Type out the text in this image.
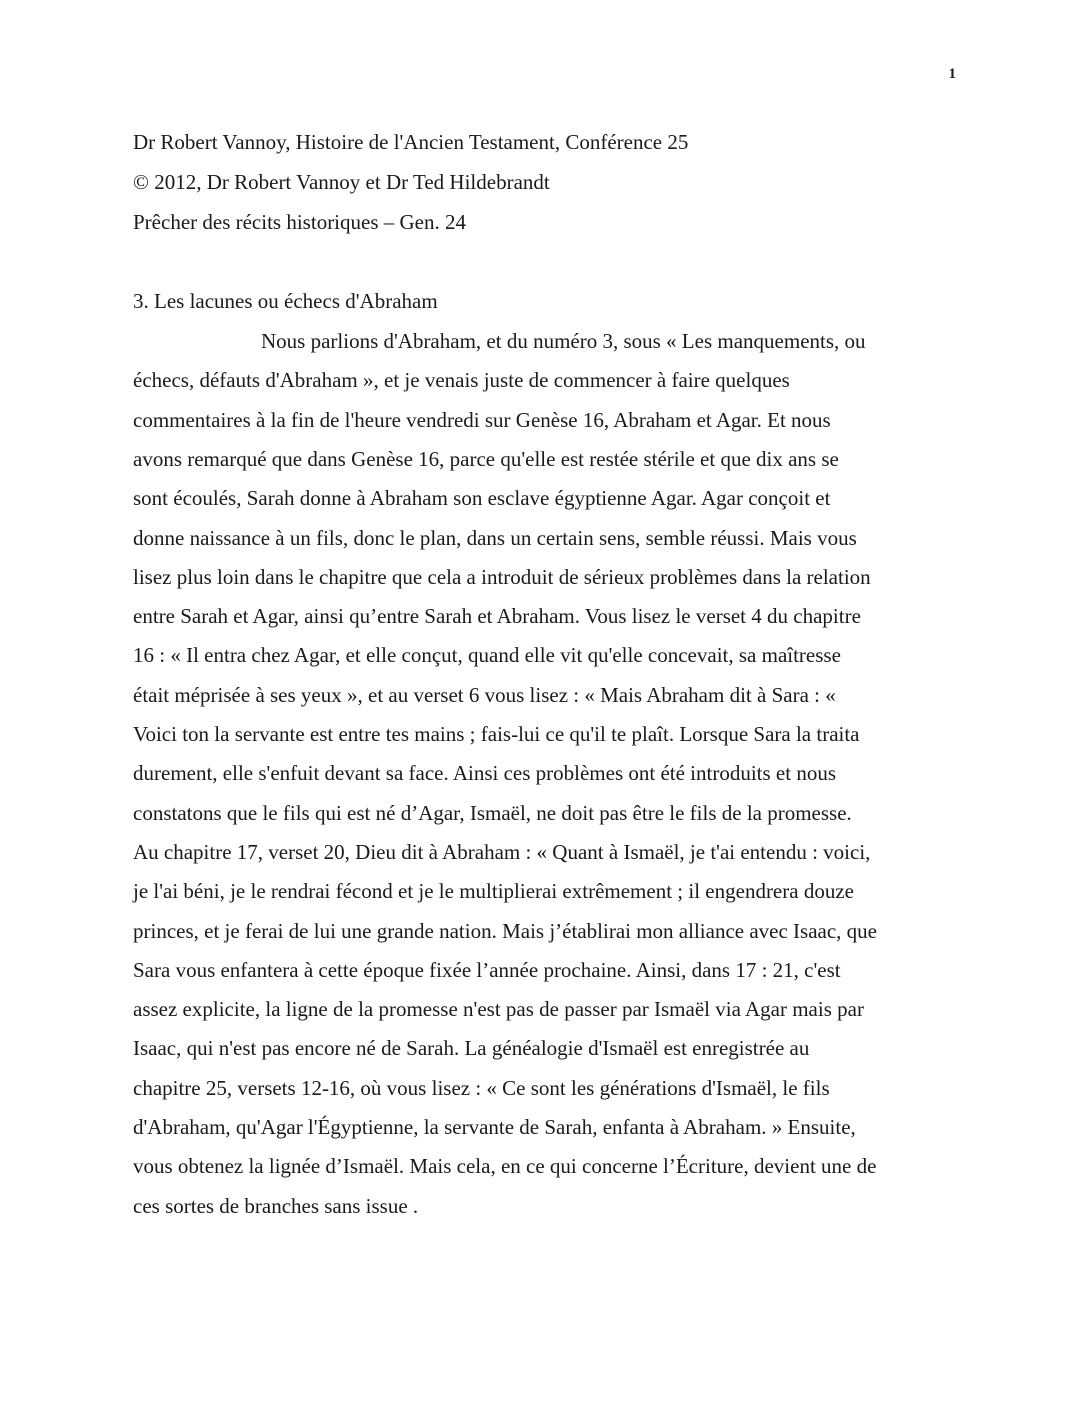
1
Dr Robert Vannoy, Histoire de l'Ancien Testament, Conférence 25
© 2012, Dr Robert Vannoy et Dr Ted Hildebrandt
Prêcher des récits historiques – Gen. 24
3. Les lacunes ou échecs d'Abraham
Nous parlions d'Abraham, et du numéro 3, sous « Les manquements, ou
échecs, défauts d'Abraham », et je venais juste de commencer à faire quelques
commentaires à la fin de l'heure vendredi sur Genèse 16, Abraham et Agar. Et nous
avons remarqué que dans Genèse 16, parce qu'elle est restée stérile et que dix ans se
sont écoulés, Sarah donne à Abraham son esclave égyptienne Agar. Agar conçoit et
donne naissance à un fils, donc le plan, dans un certain sens, semble réussi. Mais vous
lisez plus loin dans le chapitre que cela a introduit de sérieux problèmes dans la relation
entre Sarah et Agar, ainsi qu’entre Sarah et Abraham. Vous lisez le verset 4 du chapitre
16 : « Il entra chez Agar, et elle conçut, quand elle vit qu'elle concevait, sa maîtresse
était méprisée à ses yeux », et au verset 6 vous lisez : « Mais Abraham dit à Sara : «
Voici ton la servante est entre tes mains ; fais-lui ce qu'il te plaît. Lorsque Sara la traita
durement, elle s'enfuit devant sa face. Ainsi ces problèmes ont été introduits et nous
constatons que le fils qui est né d’Agar, Ismaël, ne doit pas être le fils de la promesse.
Au chapitre 17, verset 20, Dieu dit à Abraham : « Quant à Ismaël, je t'ai entendu : voici,
je l'ai béni, je le rendrai fécond et je le multiplierai extrêmement ; il engendrera douze
princes, et je ferai de lui une grande nation. Mais j’établirai mon alliance avec Isaac, que
Sara vous enfantera à cette époque fixée l’année prochaine. Ainsi, dans 17 : 21, c'est
assez explicite, la ligne de la promesse n'est pas de passer par Ismaël via Agar mais par
Isaac, qui n'est pas encore né de Sarah. La généalogie d'Ismaël est enregistrée au
chapitre 25, versets 12-16, où vous lisez : « Ce sont les générations d'Ismaël, le fils
d'Abraham, qu'Agar l'Égyptienne, la servante de Sarah, enfanta à Abraham. » Ensuite,
vous obtenez la lignée d’Ismaël. Mais cela, en ce qui concerne l’Écriture, devient une de
ces sortes de branches sans issue .
